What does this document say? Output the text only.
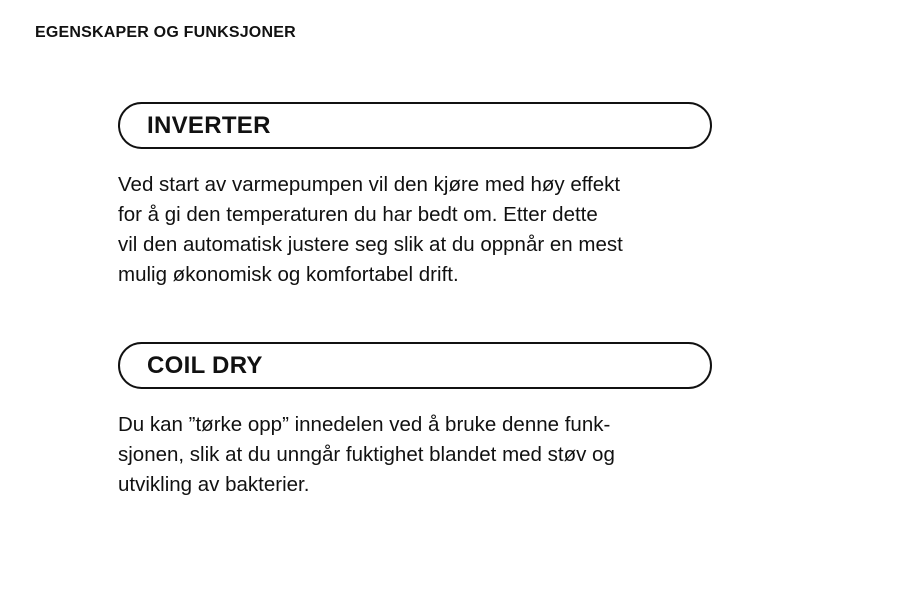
EGENSKAPER OG FUNKSJONER
INVERTER
Ved start av varmepumpen vil den kjøre med høy effekt
for å gi den temperaturen du har bedt om. Etter dette
vil den automatisk justere seg slik at du oppnår en mest
mulig økonomisk og komfortabel drift.
COIL DRY
Du kan ”tørke opp” innedelen ved å bruke denne funk-
sjonen, slik at du unngår fuktighet blandet med støv og
utvikling av bakterier.
